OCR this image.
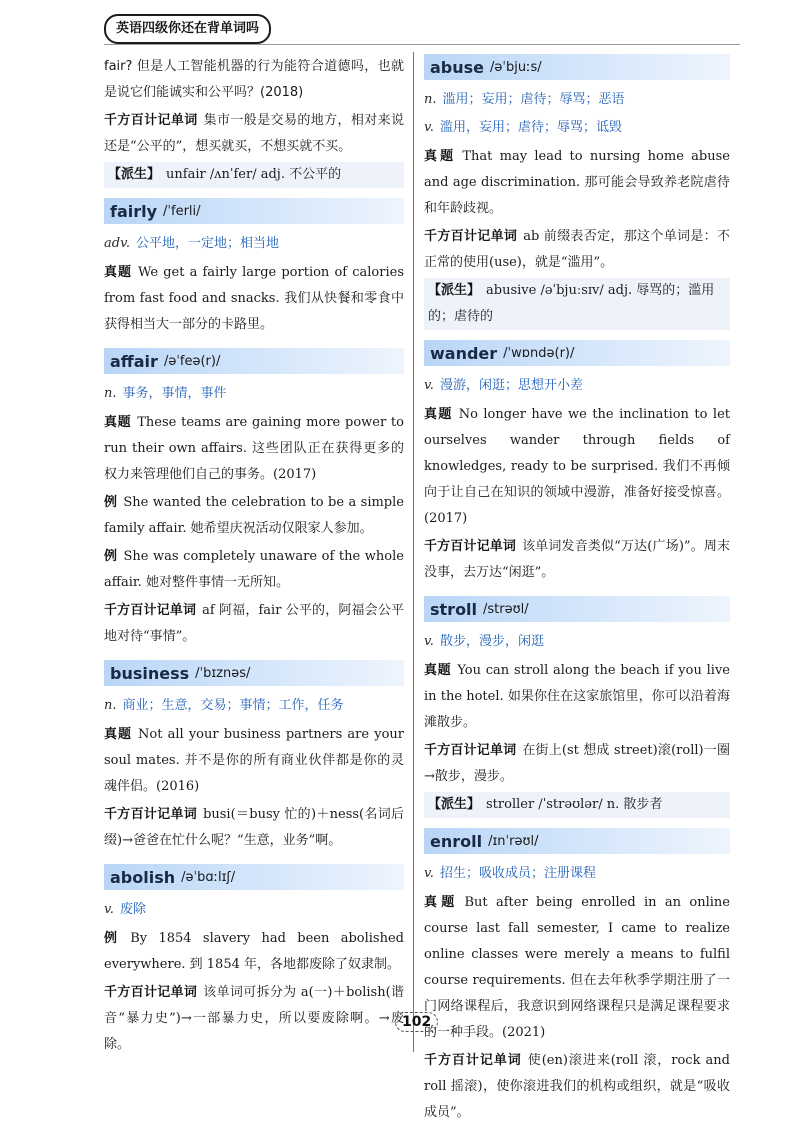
英语四级你还在背单词吗

fair? 但是人工智能机器的行为能符合道德吗，也就是说它们能诚实和公平吗？(2018)

千方百计记单词 集市一般是交易的地方，相对来说还是“公平的”，想买就买，不想买就不买。

【派生】 unfair /ʌnˈfer/ adj. 不公平的
fairly /ˈferli/
adv. 公平地，一定地；相当地

真题 We get a fairly large portion of calories from fast food and snacks. 我们从快餐和零食中获得相当大一部分的卡路里。

affair /əˈfeə(r)/
n. 事务，事情，事件

真题 These teams are gaining more power to run their own affairs. 这些团队正在获得更多的权力来管理他们自己的事务。(2017)

例 She wanted the celebration to be a simple family affair. 她希望庆祝活动仅限家人参加。

例 She was completely unaware of the whole affair. 她对整件事情一无所知。

千方百计记单词 af 阿福，fair 公平的，阿福会公平地对待“事情”。

business /ˈbɪznəs/
n. 商业；生意，交易；事情；工作，任务

真题 Not all your business partners are your soul mates. 并不是你的所有商业伙伴都是你的灵魂伴侣。(2016)

千方百计记单词 busi(＝busy 忙的)＋ness(名词后缀)→爸爸在忙什么呢？“生意，业务”啊。

abolish /əˈbɑːlɪʃ/
v. 废除

例 By 1854 slavery had been abolished everywhere. 到 1854 年，各地都废除了奴隶制。

千方百计记单词 该单词可拆分为 a(一)＋bolish(谐音“暴力史”)→一部暴力史，所以要废除啊。→废除。

abuse /əˈbjuːs/
n. 滥用；妄用；虐待；辱骂；恶语
v. 滥用，妄用；虐待；辱骂；诋毁

真题 That may lead to nursing home abuse and age discrimination. 那可能会导致养老院虐待和年龄歧视。

千方百计记单词 ab 前缀表否定，那这个单词是：不正常的使用(use)，就是“滥用”。

【派生】 abusive /əˈbjuːsɪv/ adj. 辱骂的；滥用的；虐待的
wander /ˈwɒndə(r)/
v. 漫游，闲逛；思想开小差

真题 No longer have we the inclination to let ourselves wander through fields of knowledges, ready to be surprised. 我们不再倾向于让自己在知识的领域中漫游，准备好接受惊喜。(2017)

千方百计记单词 该单词发音类似“万达(广场)”。周末没事，去万达“闲逛”。

stroll /strəʊl/
v. 散步，漫步，闲逛

真题 You can stroll along the beach if you live in the hotel. 如果你住在这家旅馆里，你可以沿着海滩散步。

千方百计记单词 在街上(st 想成 street)滚(roll)一圈→散步，漫步。

【派生】 stroller /ˈstrəʊlər/ n. 散步者
enroll /ɪnˈrəʊl/
v. 招生；吸收成员；注册课程

真题 But after being enrolled in an online course last fall semester, I came to realize online classes were merely a means to fulfil course requirements. 但在去年秋季学期注册了一门网络课程后，我意识到网络课程只是满足课程要求的一种手段。(2021)

千方百计记单词 使(en)滚进来(roll 滚，rock and roll 摇滚)，使你滚进我们的机构或组织，就是“吸收成员”。

102
